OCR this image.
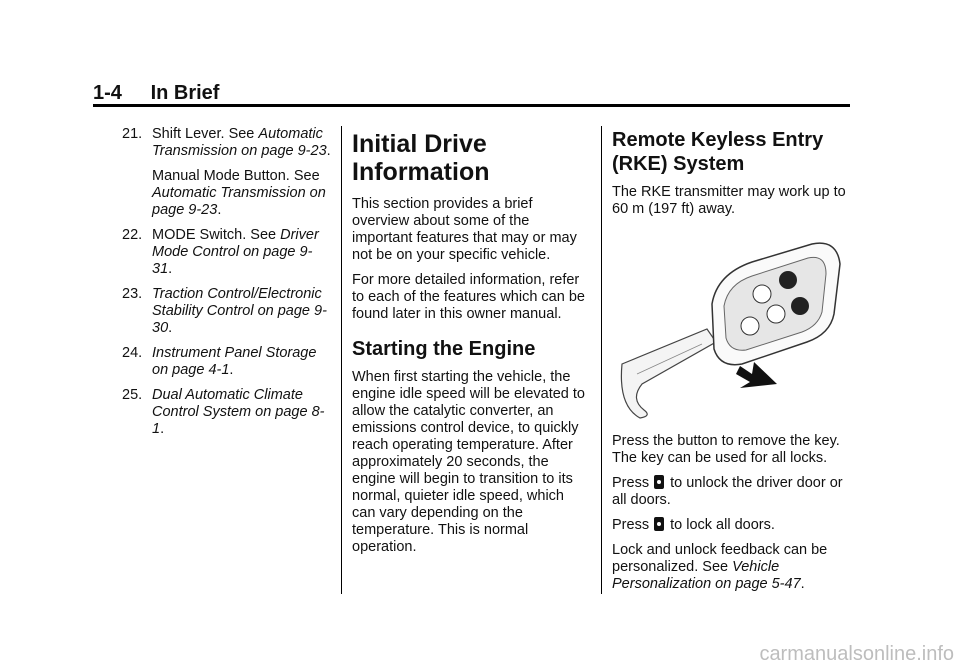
1-4 In Brief
21. Shift Lever. See Automatic Transmission on page 9-23.
Manual Mode Button. See Automatic Transmission on page 9-23.
22. MODE Switch. See Driver Mode Control on page 9-31.
23. Traction Control/Electronic Stability Control on page 9-30.
24. Instrument Panel Storage on page 4-1.
25. Dual Automatic Climate Control System on page 8-1.
Initial Drive Information

This section provides a brief overview about some of the important features that may or may not be on your specific vehicle.

For more detailed information, refer to each of the features which can be found later in this owner manual.

Starting the Engine

When first starting the vehicle, the engine idle speed will be elevated to allow the catalytic converter, an emissions control device, to quickly reach operating temperature. After approximately 20 seconds, the engine will begin to transition to its normal, quieter idle speed, which can vary depending on the temperature. This is normal operation.

Remote Keyless Entry (RKE) System

The RKE transmitter may work up to 60 m (197 ft) away.

Press the button to remove the key. The key can be used for all locks.

Press  to unlock the driver door or all doors.

Press  to lock all doors.

Lock and unlock feedback can be personalized. See Vehicle Personalization on page 5-47.

carmanualsonline.info
